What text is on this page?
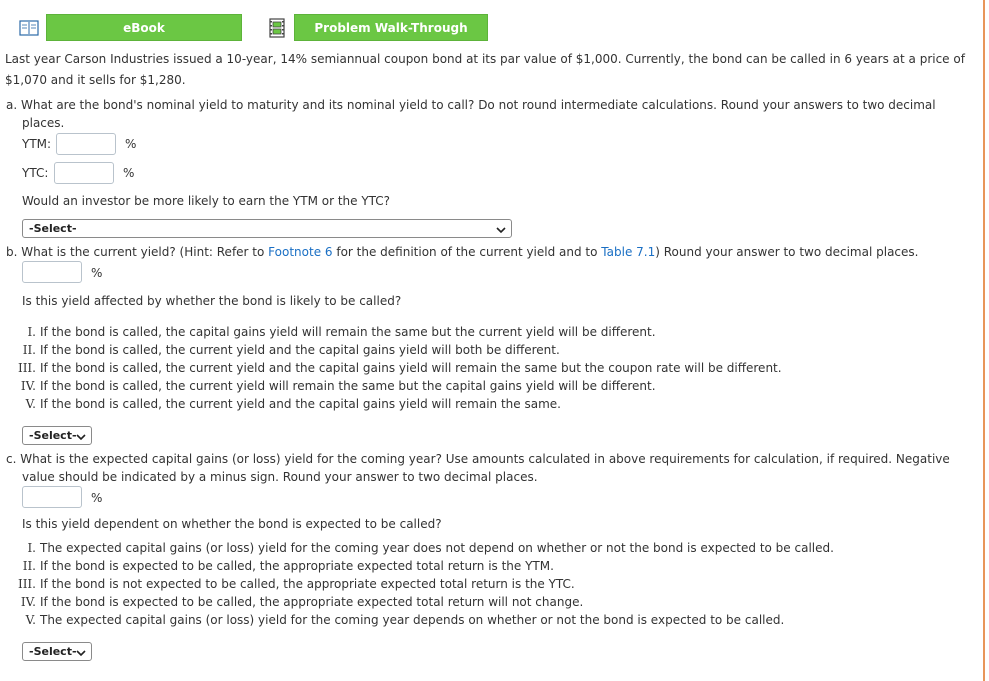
eBook	Problem Walk-Through
Last year Carson Industries issued a 10-year, 14% semiannual coupon bond at its par value of $1,000. Currently, the bond can be called in 6 years at a price of
$1,070 and it sells for $1,280.
a. What are the bond's nominal yield to maturity and its nominal yield to call? Do not round intermediate calculations. Round your answers to two decimal
places.
YTM:	%
YTC:	%
Would an investor be more likely to earn the YTM or the YTC?
-Select-
b. What is the current yield? (Hint: Refer to Footnote 6 for the definition of the current yield and to Table 7.1) Round your answer to two decimal places.
%
Is this yield affected by whether the bond is likely to be called?
I. If the bond is called, the capital gains yield will remain the same but the current yield will be different.
II. If the bond is called, the current yield and the capital gains yield will both be different.
III. If the bond is called, the current yield and the capital gains yield will remain the same but the coupon rate will be different.
IV. If the bond is called, the current yield will remain the same but the capital gains yield will be different.
V. If the bond is called, the current yield and the capital gains yield will remain the same.
-Select-
c. What is the expected capital gains (or loss) yield for the coming year? Use amounts calculated in above requirements for calculation, if required. Negative
value should be indicated by a minus sign. Round your answer to two decimal places.
%
Is this yield dependent on whether the bond is expected to be called?
I. The expected capital gains (or loss) yield for the coming year does not depend on whether or not the bond is expected to be called.
II. If the bond is expected to be called, the appropriate expected total return is the YTM.
III. If the bond is not expected to be called, the appropriate expected total return is the YTC.
IV. If the bond is expected to be called, the appropriate expected total return will not change.
V. The expected capital gains (or loss) yield for the coming year depends on whether or not the bond is expected to be called.
-Select-
